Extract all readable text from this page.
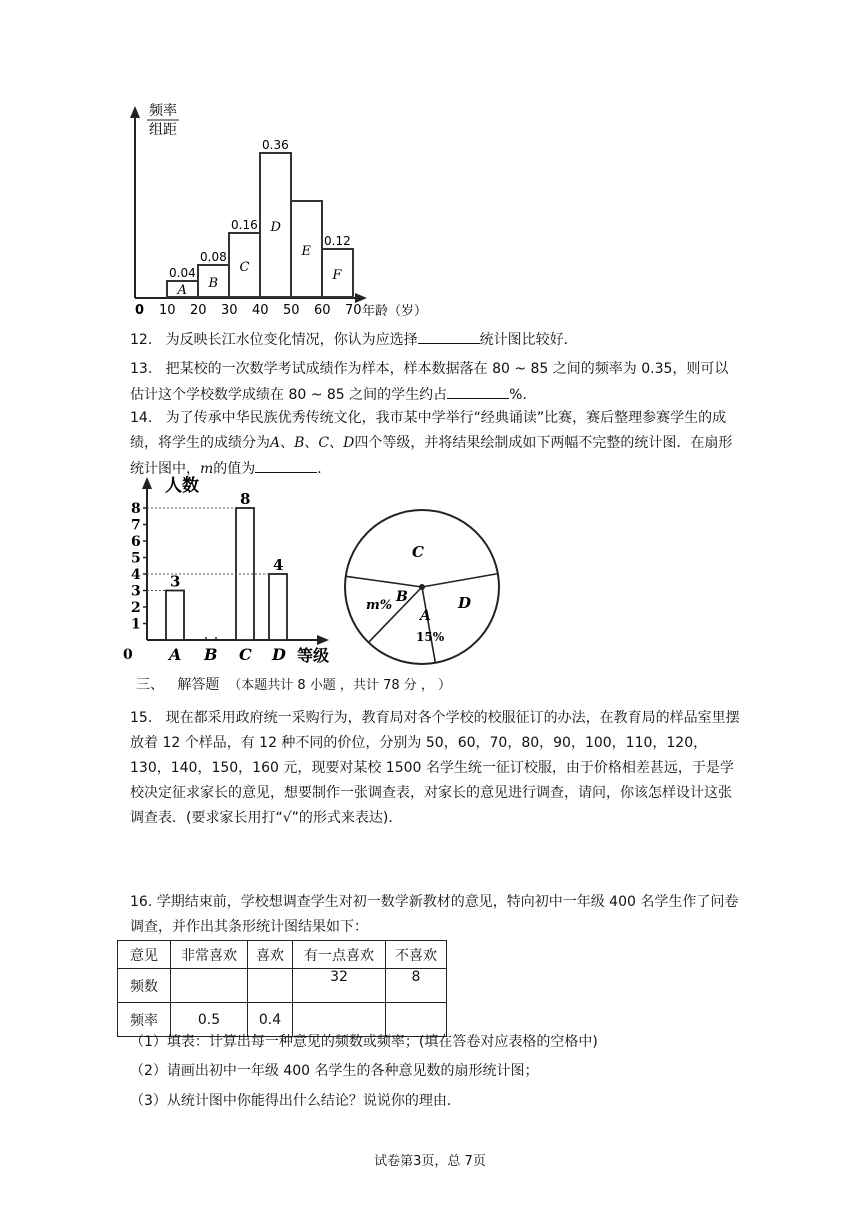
频率
组距
0	年龄（岁）
A
0.04
B
0.08
C
0.16 D
0.36
E
F
0.12
10 20 30 40 50 60 70

12. 为反映长江水位变化情况，你认为应选择	统计图比较好．

13. 把某校的一次数学考试成绩作为样本，样本数据落在 80 ~ 85 之间的频率为 0.35，则可以估计这个学校数学成绩在 80 ~ 85 之间的学生约占	%．

14. 为了传承中华民族优秀传统文化，我市某中学举行“经典诵读”比赛，赛后整理参赛学生的成绩，将学生的成绩分为A、B、C、D四个等级，并将结果绘制成如下两幅不完整的统计图．在扇形统计图中，m的值为	．

人数
等级
0
1
2
3
4
5
6
7
8
3
A B
8
C
4
D
C
D
A
15%
B
m%

三、 解答题 （本题共计 8 小题 ，共计 78 分 ， ）

15. 现在都采用政府统一采购行为，教育局对各个学校的校服征订的办法，在教育局的样品室里摆放着 12 个样品，有 12 种不同的价位，分别为 50，60，70，80，90，100，110，120，130，140，150，160 元，现要对某校 1500 名学生统一征订校服，由于价格相差甚远，于是学校决定征求家长的意见，想要制作一张调查表，对家长的意见进行调查，请问，你该怎样设计这张调查表．(要求家长用打“√”的形式来表达)．

16. 学期结束前，学校想调查学生对初一数学新教材的意见，特向初中一年级 400 名学生作了问卷调查，并作出其条形统计图结果如下：

意见	非常喜欢	喜欢	有一点喜欢	不喜欢
频数			32	8
频率	0.5	0.4		

（1）填表：计算出每一种意见的频数或频率；(填在答卷对应表格的空格中)

（2）请画出初中一年级 400 名学生的各种意见数的扇形统计图；

（3）从统计图中你能得出什么结论？说说你的理由．

试卷第3页，总 7页
